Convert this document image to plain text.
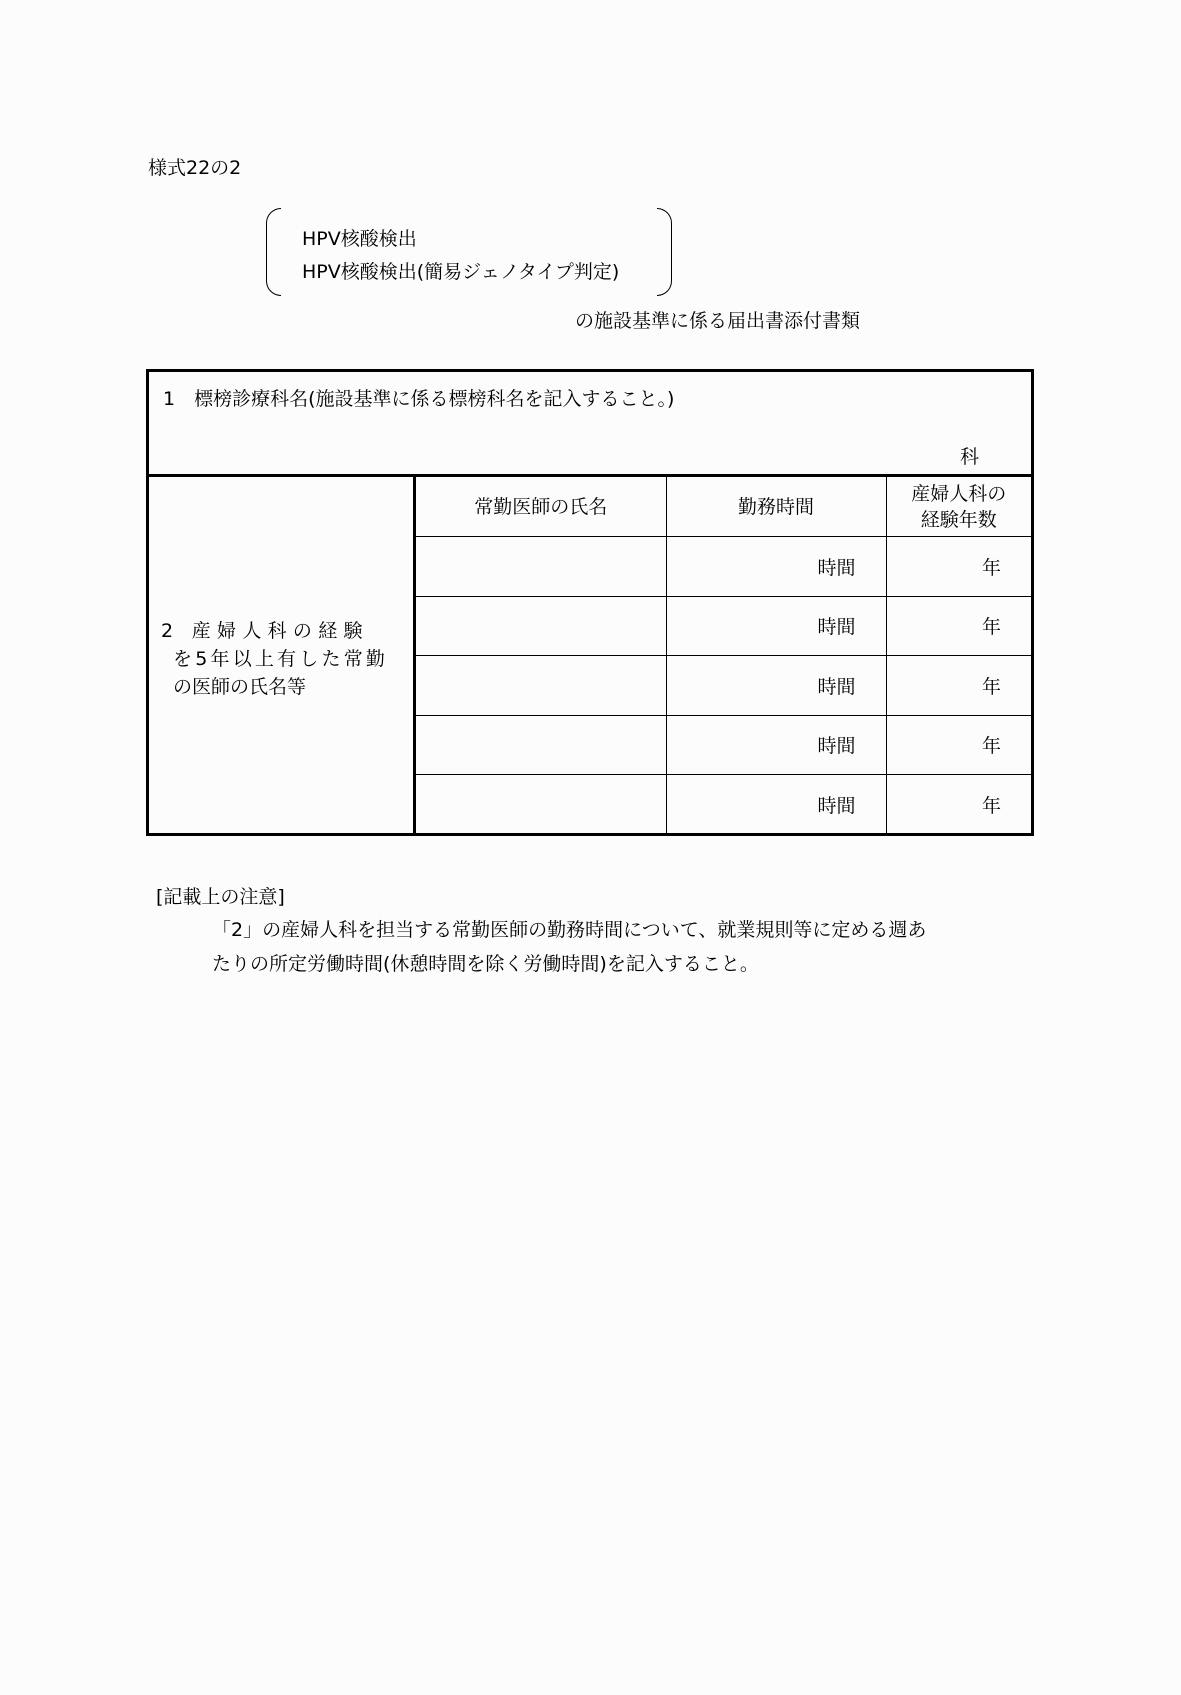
様式22の2
HPV核酸検出
HPV核酸検出(簡易ジェノタイプ判定)
の施設基準に係る届出書添付書類
1　標榜診療科名(施設基準に係る標榜科名を記入すること。)
科
2 産婦人科の経験
を5年以上有した常勤
の医師の氏名等
常勤医師の氏名	勤務時間	産婦人科の
経験年数

	時間	年
	時間	年
	時間	年
	時間	年
	時間	年
[記載上の注意]
「2」の産婦人科を担当する常勤医師の勤務時間について、就業規則等に定める週あ
たりの所定労働時間(休憩時間を除く労働時間)を記入すること。
